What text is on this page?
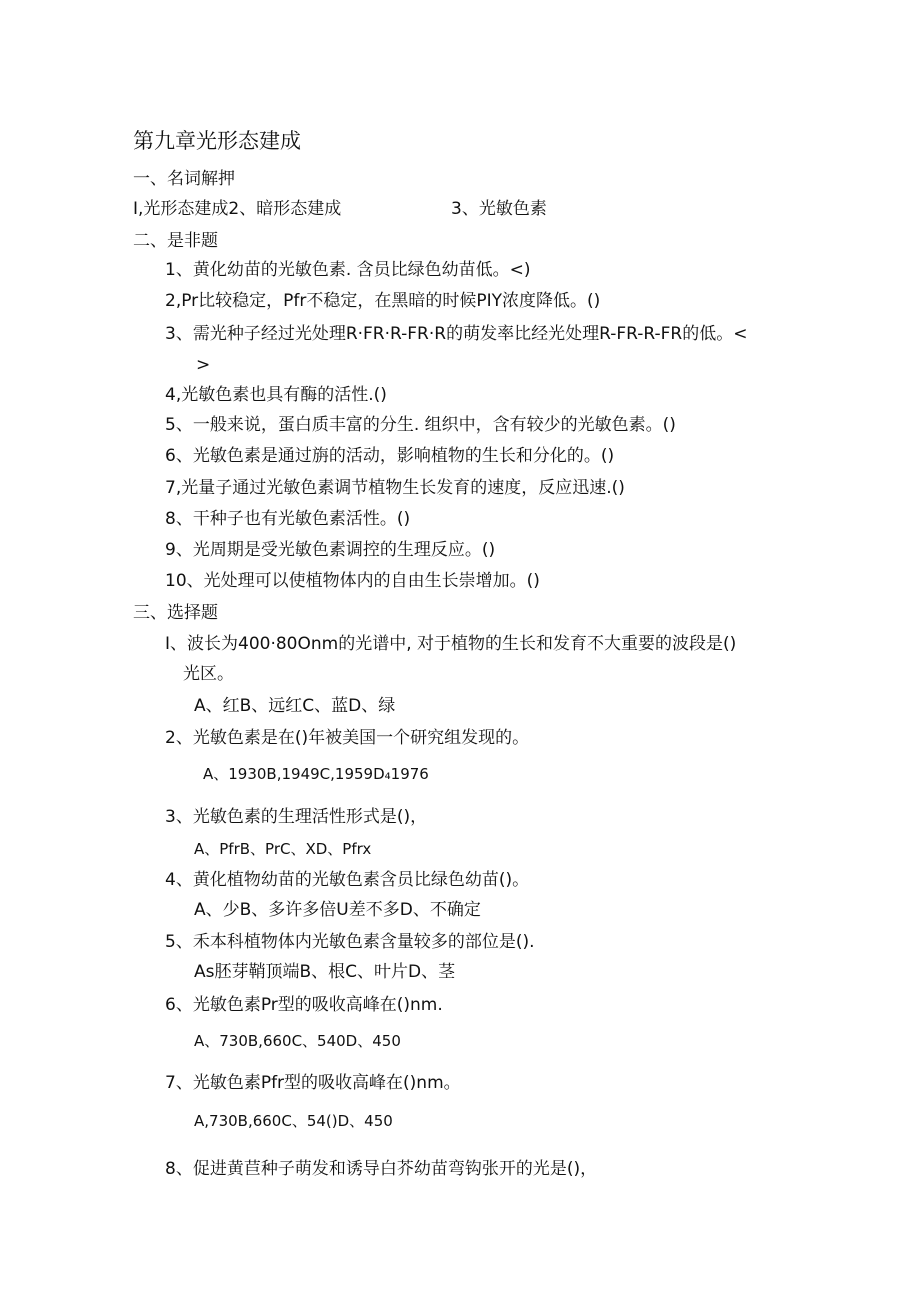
第九章光形态建成
一、名词解押
I,光形态建成2、暗形态建成	3、光敏色素
二、是非题
1、黄化幼苗的光敏色素. 含员比绿色幼苗低。<)
2,Pr比较稳定，Pfr不稳定，在黑暗的时候PIY浓度降低。()
3、需光种子经过光处理R·FR·R-FR·R的萌发率比经光处理R-FR-R-FR的低。<
>
4,光敏色素也具有酶的活性.()
5、一般来说，蛋白质丰富的分生. 组织中，含有较少的光敏色素。()
6、光敏色素是通过旃的活动，影响植物的生长和分化的。()
7,光量子通过光敏色素调节植物生长发育的速度，反应迅速.()
8、干种子也有光敏色素活性。()
9、光周期是受光敏色素调控的生理反应。()
10、光处理可以使植物体内的自由生长崇增加。()
三、选择题
I、波长为400·80Onm的光谱中, 对于植物的生长和发育不大重要的波段是()
光区。
A、红B、远红C、蓝D、绿
2、光敏色素是在()年被美国一个研究组发现的。
A、1930B,1949C,1959D₄1976
3、光敏色素的生理活性形式是()，
A、PfrB、PrC、XD、Pfrx
4、黄化植物幼苗的光敏色素含员比绿色幼苗()。
A、少B、多许多倍U差不多D、不确定
5、禾本科植物体内光敏色素含量较多的部位是().
As胚芽鞘顶端B、根C、叶片D、茎
6、光敏色素Pr型的吸收高峰在()nm.
A、730B,660C、540D、450
7、光敏色素Pfr型的吸收高峰在()nm。
A,730B,660C、54()D、450
8、促进黄苣种子萌发和诱导白芥幼苗弯钩张开的光是()，
